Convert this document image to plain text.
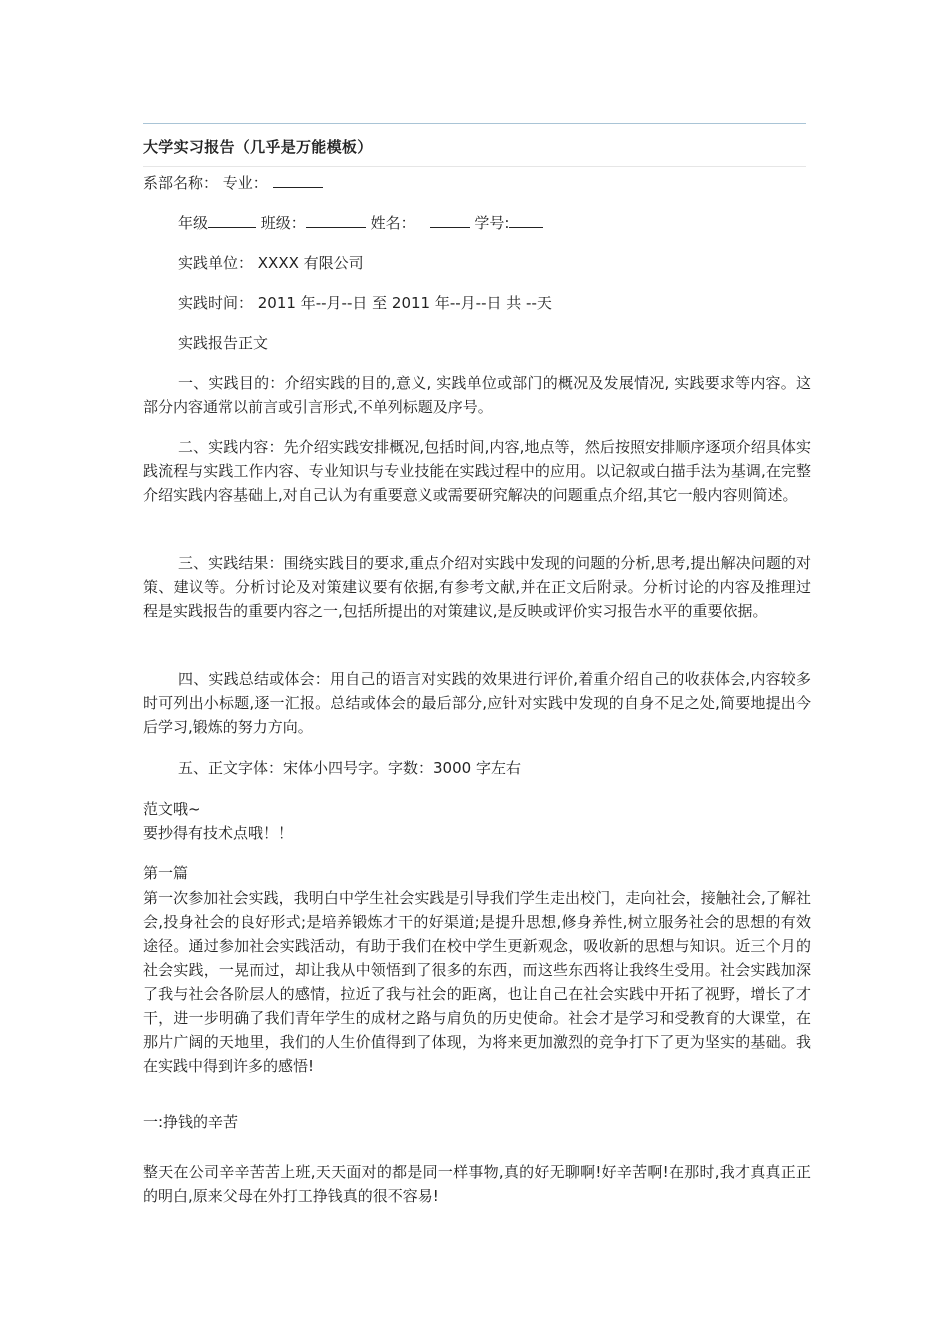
大学实习报告（几乎是万能模板）
系部名称： 专业：
年级	班级：	姓名：	学号:
实践单位： XXXX 有限公司
实践时间： 2011 年--月--日 至 2011 年--月--日 共 --天
实践报告正文
一、实践目的：介绍实践的目的,意义, 实践单位或部门的概况及发展情况, 实践要求等内容。这部分内容通常以前言或引言形式,不单列标题及序号。
二、实践内容：先介绍实践安排概况,包括时间,内容,地点等，然后按照安排顺序逐项介绍具体实践流程与实践工作内容、专业知识与专业技能在实践过程中的应用。以记叙或白描手法为基调,在完整介绍实践内容基础上,对自己认为有重要意义或需要研究解决的问题重点介绍,其它一般内容则简述。
三、实践结果：围绕实践目的要求,重点介绍对实践中发现的问题的分析,思考,提出解决问题的对策、建议等。分析讨论及对策建议要有依据,有参考文献,并在正文后附录。分析讨论的内容及推理过程是实践报告的重要内容之一,包括所提出的对策建议,是反映或评价实习报告水平的重要依据。
四、实践总结或体会：用自己的语言对实践的效果进行评价,着重介绍自己的收获体会,内容较多时可列出小标题,逐一汇报。总结或体会的最后部分,应针对实践中发现的自身不足之处,简要地提出今后学习,锻炼的努力方向。
五、正文字体：宋体小四号字。字数：3000 字左右
范文哦~
要抄得有技术点哦！！
第一篇
第一次参加社会实践，我明白中学生社会实践是引导我们学生走出校门，走向社会，接触社会,了解社会,投身社会的良好形式;是培养锻炼才干的好渠道;是提升思想,修身养性,树立服务社会的思想的有效途径。通过参加社会实践活动，有助于我们在校中学生更新观念，吸收新的思想与知识。近三个月的社会实践，一晃而过，却让我从中领悟到了很多的东西，而这些东西将让我终生受用。社会实践加深了我与社会各阶层人的感情，拉近了我与社会的距离，也让自己在社会实践中开拓了视野，增长了才干，进一步明确了我们青年学生的成材之路与肩负的历史使命。社会才是学习和受教育的大课堂，在那片广阔的天地里，我们的人生价值得到了体现，为将来更加激烈的竞争打下了更为坚实的基础。我在实践中得到许多的感悟!
一:挣钱的辛苦
整天在公司辛辛苦苦上班,天天面对的都是同一样事物,真的好无聊啊!好辛苦啊!在那时,我才真真正正的明白,原来父母在外打工挣钱真的很不容易!
